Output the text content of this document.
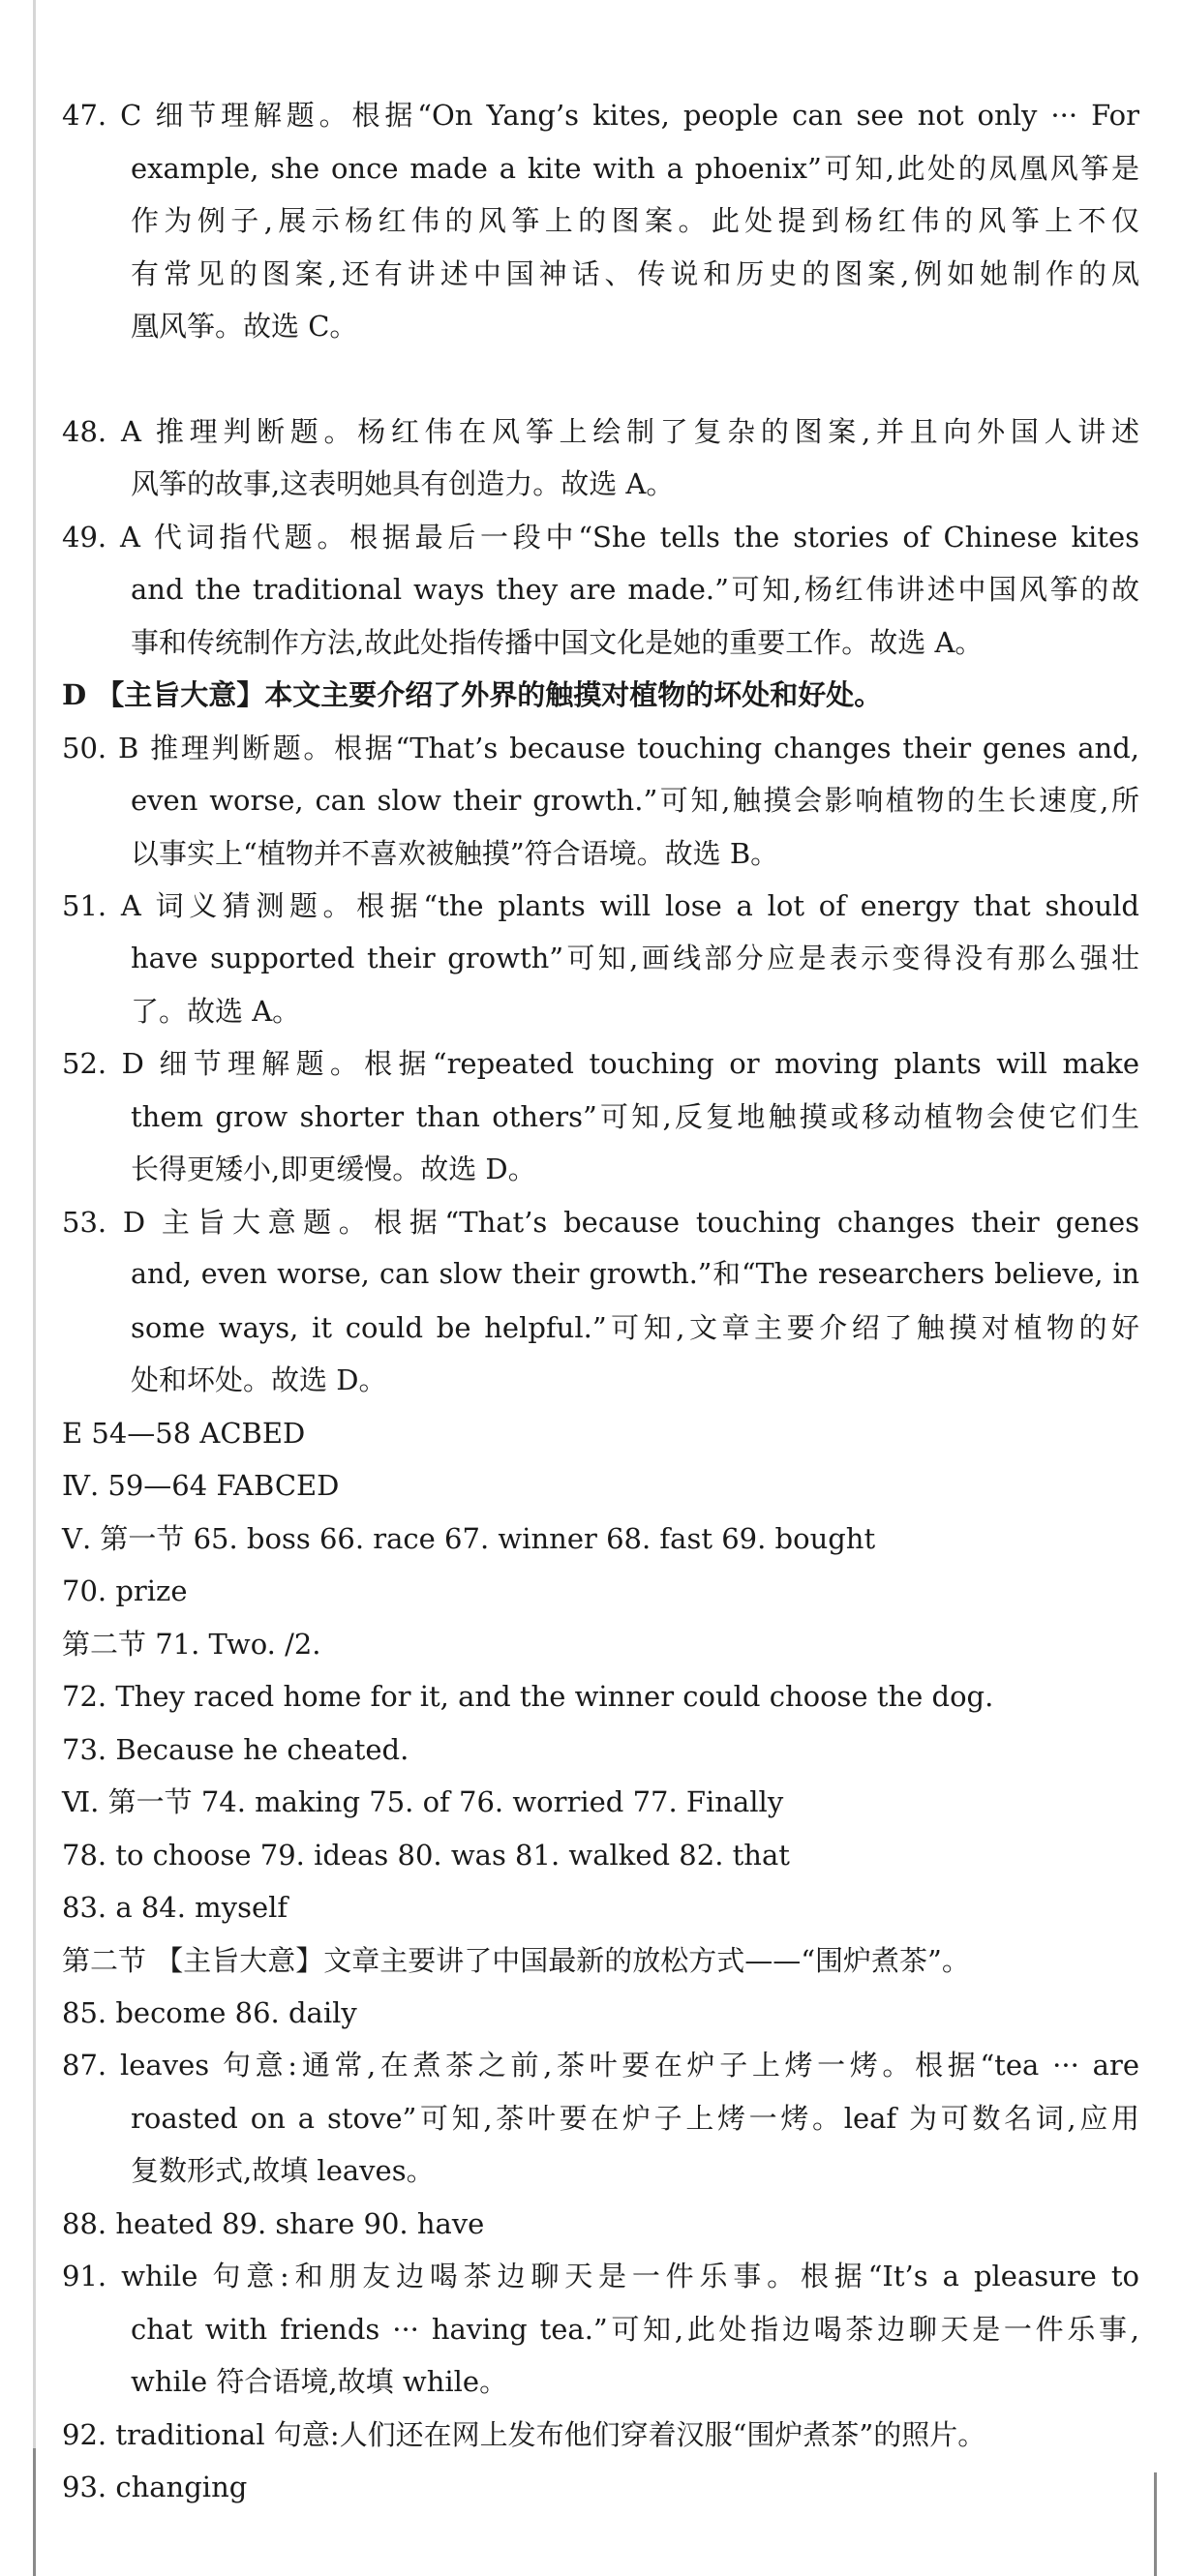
47. C 细节理解题。根据“On Yang’s kites, people can see not only ··· For
example, she once made a kite with a phoenix”可知,此处的凤凰风筝是
作为例子,展示杨红伟的风筝上的图案。此处提到杨红伟的风筝上不仅
有常见的图案,还有讲述中国神话、传说和历史的图案,例如她制作的凤
凰风筝。故选 C。
48. A 推理判断题。杨红伟在风筝上绘制了复杂的图案,并且向外国人讲述
风筝的故事,这表明她具有创造力。故选 A。
49. A 代词指代题。根据最后一段中“She tells the stories of Chinese kites
and the traditional ways they are made.”可知,杨红伟讲述中国风筝的故
事和传统制作方法,故此处指传播中国文化是她的重要工作。故选 A。
D 【主旨大意】本文主要介绍了外界的触摸对植物的坏处和好处。
50. B 推理判断题。根据“That’s because touching changes their genes and,
even worse, can slow their growth.”可知,触摸会影响植物的生长速度,所
以事实上“植物并不喜欢被触摸”符合语境。故选 B。
51. A 词义猜测题。根据“the plants will lose a lot of energy that should
have supported their growth”可知,画线部分应是表示变得没有那么强壮
了。故选 A。
52. D 细节理解题。根据“repeated touching or moving plants will make
them grow shorter than others”可知,反复地触摸或移动植物会使它们生
长得更矮小,即更缓慢。故选 D。
53. D 主旨大意题。根据“That’s because touching changes their genes
and, even worse, can slow their growth.”和“The researchers believe, in
some ways, it could be helpful.”可知,文章主要介绍了触摸对植物的好
处和坏处。故选 D。
E 54—58 ACBED
Ⅳ. 59—64 FABCED
Ⅴ. 第一节 65. boss 66. race 67. winner 68. fast 69. bought
70. prize
第二节 71. Two. /2.
72. They raced home for it, and the winner could choose the dog.
73. Because he cheated.
Ⅵ. 第一节 74. making 75. of 76. worried 77. Finally
78. to choose 79. ideas 80. was 81. walked 82. that
83. a 84. myself
第二节 【主旨大意】文章主要讲了中国最新的放松方式——“围炉煮茶”。
85. become 86. daily
87. leaves 句意:通常,在煮茶之前,茶叶要在炉子上烤一烤。根据“tea ··· are
roasted on a stove”可知,茶叶要在炉子上烤一烤。leaf 为可数名词,应用
复数形式,故填 leaves。
88. heated 89. share 90. have
91. while 句意:和朋友边喝茶边聊天是一件乐事。根据“It’s a pleasure to
chat with friends ··· having tea.”可知,此处指边喝茶边聊天是一件乐事,
while 符合语境,故填 while。
92. traditional 句意:人们还在网上发布他们穿着汉服“围炉煮茶”的照片。
93. changing
